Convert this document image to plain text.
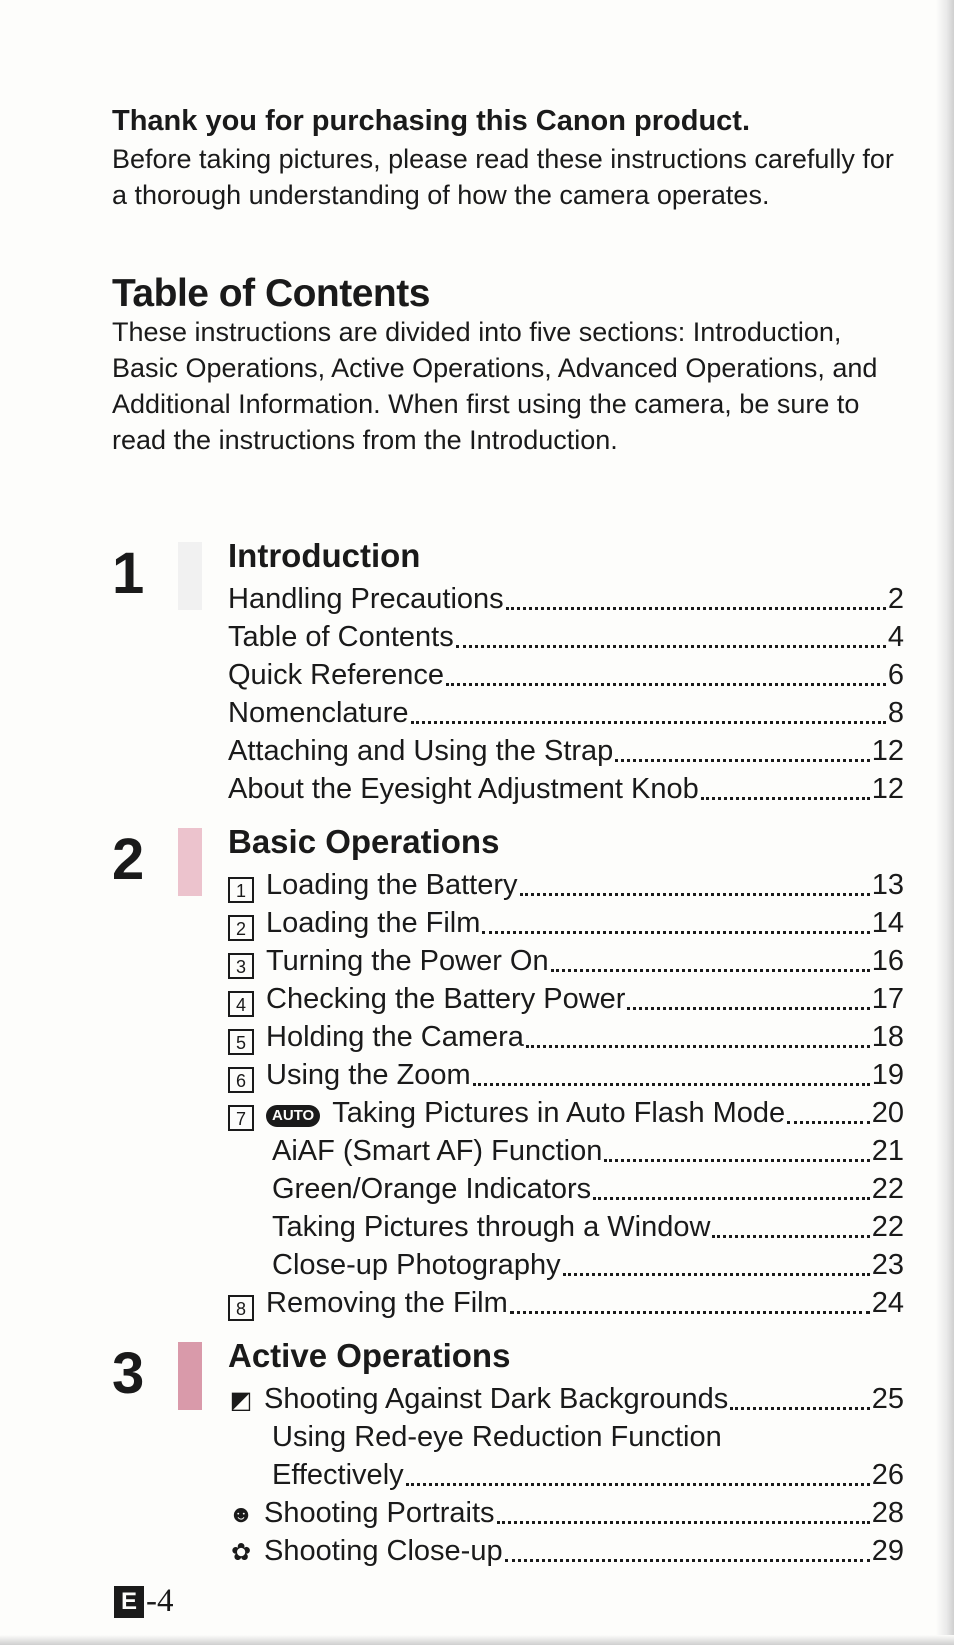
Thank you for purchasing this Canon product.
Before taking pictures, please read these instructions carefully for a thorough understanding of how the camera operates.
Table of Contents
These instructions are divided into five sections: Introduction, Basic Operations, Active Operations, Advanced Operations, and Additional Information. When first using the camera, be sure to read the instructions from the Introduction.
1	Introduction
Handling Precautions	2
Table of Contents	4
Quick Reference	6
Nomenclature	8
Attaching and Using the Strap	12
About the Eyesight Adjustment Knob	12
2	Basic Operations
1 Loading the Battery	13
2 Loading the Film	14
3 Turning the Power On	16
4 Checking the Battery Power	17
5 Holding the Camera	18
6 Using the Zoom	19
7	AUTO Taking Pictures in Auto Flash Mode	20
AiAF (Smart AF) Function	21
Green/Orange Indicators	22
Taking Pictures through a Window	22
Close-up Photography	23
8 Removing the Film	24
3	Active Operations
◩ Shooting Against Dark Backgrounds	25
Using Red-eye Reduction Function
Effectively	26
☻ Shooting Portraits	28
✿ Shooting Close-up	29
E -4
